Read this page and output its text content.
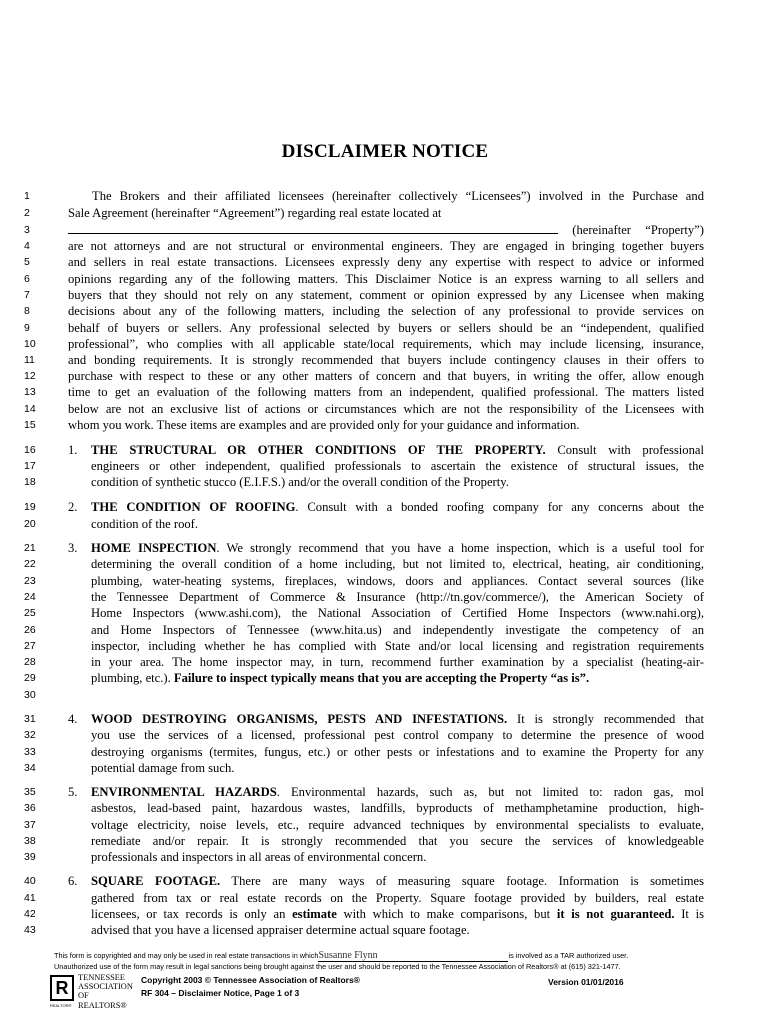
DISCLAIMER NOTICE
1	The Brokers and their affiliated licensees (hereinafter collectively “Licensees”) involved in the Purchase and
2	Sale Agreement (hereinafter “Agreement”) regarding real estate located at
3	(hereinafter “Property”)
4	are not attorneys and are not structural or environmental engineers. They are engaged in bringing together buyers
5	and sellers in real estate transactions. Licensees expressly deny any expertise with respect to advice or informed
6	opinions regarding any of the following matters. This Disclaimer Notice is an express warning to all sellers and
7	buyers that they should not rely on any statement, comment or opinion expressed by any Licensee when making
8	decisions about any of the following matters, including the selection of any professional to provide services on
9	behalf of buyers or sellers. Any professional selected by buyers or sellers should be an “independent, qualified
10	professional”, who complies with all applicable state/local requirements, which may include licensing, insurance,
11	and bonding requirements. It is strongly recommended that buyers include contingency clauses in their offers to
12	purchase with respect to these or any other matters of concern and that buyers, in writing the offer, allow enough
13	time to get an evaluation of the following matters from an independent, qualified professional. The matters listed
14	below are not an exclusive list of actions or circumstances which are not the responsibility of the Licensees with
15	whom you work. These items are examples and are provided only for your guidance and information.
16	1. THE STRUCTURAL OR OTHER CONDITIONS OF THE PROPERTY. Consult with professional
17	engineers or other independent, qualified professionals to ascertain the existence of structural issues, the
18	condition of synthetic stucco (E.I.F.S.) and/or the overall condition of the Property.
19	2. THE CONDITION OF ROOFING. Consult with a bonded roofing company for any concerns about the
20	condition of the roof.
21	3. HOME INSPECTION. We strongly recommend that you have a home inspection, which is a useful tool for
22	determining the overall condition of a home including, but not limited to, electrical, heating, air conditioning,
23	plumbing, water-heating systems, fireplaces, windows, doors and appliances. Contact several sources (like
24	the Tennessee Department of Commerce & Insurance (http://tn.gov/commerce/), the American Society of
25	Home Inspectors (www.ashi.com), the National Association of Certified Home Inspectors (www.nahi.org),
26	and Home Inspectors of Tennessee (www.hita.us) and independently investigate the competency of an
27	inspector, including whether he has complied with State and/or local licensing and registration requirements
28	in your area. The home inspector may, in turn, recommend further examination by a specialist (heating-air-
29	plumbing, etc.). Failure to inspect typically means that you are accepting the Property “as is”.
30
31	4. WOOD DESTROYING ORGANISMS, PESTS AND INFESTATIONS. It is strongly recommended that
32	you use the services of a licensed, professional pest control company to determine the presence of wood
33	destroying organisms (termites, fungus, etc.) or other pests or infestations and to examine the Property for any
34	potential damage from such.
35	5. ENVIRONMENTAL HAZARDS. Environmental hazards, such as, but not limited to: radon gas, mol
36	asbestos, lead-based paint, hazardous wastes, landfills, byproducts of methamphetamine production, high-
37	voltage electricity, noise levels, etc., require advanced techniques by environmental specialists to evaluate,
38	remediate and/or repair. It is strongly recommended that you secure the services of knowledgeable
39	professionals and inspectors in all areas of environmental concern.
40	6. SQUARE FOOTAGE. There are many ways of measuring square footage. Information is sometimes
41	gathered from tax or real estate records on the Property. Square footage provided by builders, real estate
42	licensees, or tax records is only an estimate with which to make comparisons, but it is not guaranteed. It is
43	advised that you have a licensed appraiser determine actual square footage.
This form is copyrighted and may only be used in real estate transactions in whichSusanne Flynn	is involved as a TAR authorized user.
Unauthorized use of the form may result in legal sanctions being brought against the user and should be reported to the Tennessee Association of Realtors® at (615) 321-1477.
R
REALTOR®
TENNESSEE
ASSOCIATION
OF REALTORS®
Copyright 2003 © Tennessee Association of Realtors®
RF 304 – Disclaimer Notice, Page 1 of 3
Version 01/01/2016
